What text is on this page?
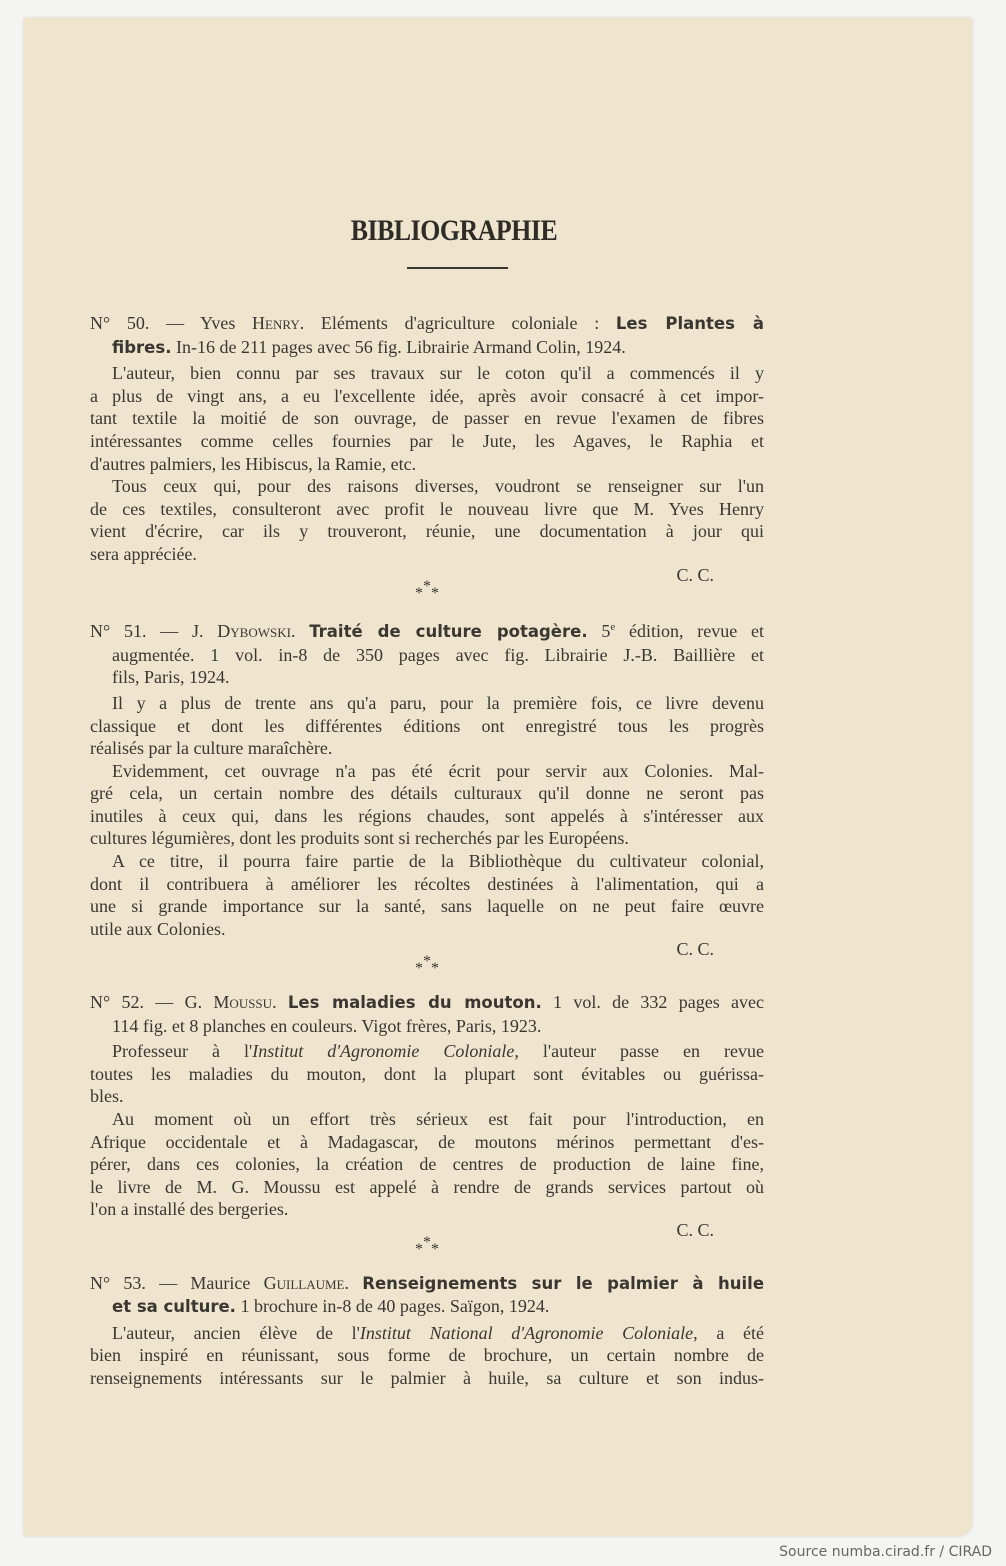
BIBLIOGRAPHIE
N° 50. — Yves Henry. Eléments d'agriculture coloniale : Les Plantes à
fibres. In-16 de 211 pages avec 56 fig. Librairie Armand Colin, 1924.
L'auteur, bien connu par ses travaux sur le coton qu'il a commencés il y
a plus de vingt ans, a eu l'excellente idée, après avoir consacré à cet impor-
tant textile la moitié de son ouvrage, de passer en revue l'examen de fibres
intéressantes comme celles fournies par le Jute, les Agaves, le Raphia et
d'autres palmiers, les Hibiscus, la Ramie, etc.
Tous ceux qui, pour des raisons diverses, voudront se renseigner sur l'un
de ces textiles, consulteront avec profit le nouveau livre que M. Yves Henry
vient d'écrire, car ils y trouveront, réunie, une documentation à jour qui
sera appréciée.
C. C.
***
N° 51. — J. Dybowski. Traité de culture potagère. 5e édition, revue et
augmentée. 1 vol. in-8 de 350 pages avec fig. Librairie J.-B. Baillière et
fils, Paris, 1924.
Il y a plus de trente ans qu'a paru, pour la première fois, ce livre devenu
classique et dont les différentes éditions ont enregistré tous les progrès
réalisés par la culture maraîchère.
Evidemment, cet ouvrage n'a pas été écrit pour servir aux Colonies. Mal-
gré cela, un certain nombre des détails culturaux qu'il donne ne seront pas
inutiles à ceux qui, dans les régions chaudes, sont appelés à s'intéresser aux
cultures légumières, dont les produits sont si recherchés par les Européens.
A ce titre, il pourra faire partie de la Bibliothèque du cultivateur colonial,
dont il contribuera à améliorer les récoltes destinées à l'alimentation, qui a
une si grande importance sur la santé, sans laquelle on ne peut faire œuvre
utile aux Colonies.
C. C.
***
N° 52. — G. Moussu. Les maladies du mouton. 1 vol. de 332 pages avec
114 fig. et 8 planches en couleurs. Vigot frères, Paris, 1923.
Professeur à l'Institut d'Agronomie Coloniale, l'auteur passe en revue
toutes les maladies du mouton, dont la plupart sont évitables ou guérissa-
bles.
Au moment où un effort très sérieux est fait pour l'introduction, en
Afrique occidentale et à Madagascar, de moutons mérinos permettant d'es-
pérer, dans ces colonies, la création de centres de production de laine fine,
le livre de M. G. Moussu est appelé à rendre de grands services partout où
l'on a installé des bergeries.
C. C.
***
N° 53. — Maurice Guillaume. Renseignements sur le palmier à huile
et sa culture. 1 brochure in-8 de 40 pages. Saïgon, 1924.
L'auteur, ancien élève de l'Institut National d'Agronomie Coloniale, a été
bien inspiré en réunissant, sous forme de brochure, un certain nombre de
renseignements intéressants sur le palmier à huile, sa culture et son indus-
Source numba.cirad.fr / CIRAD
